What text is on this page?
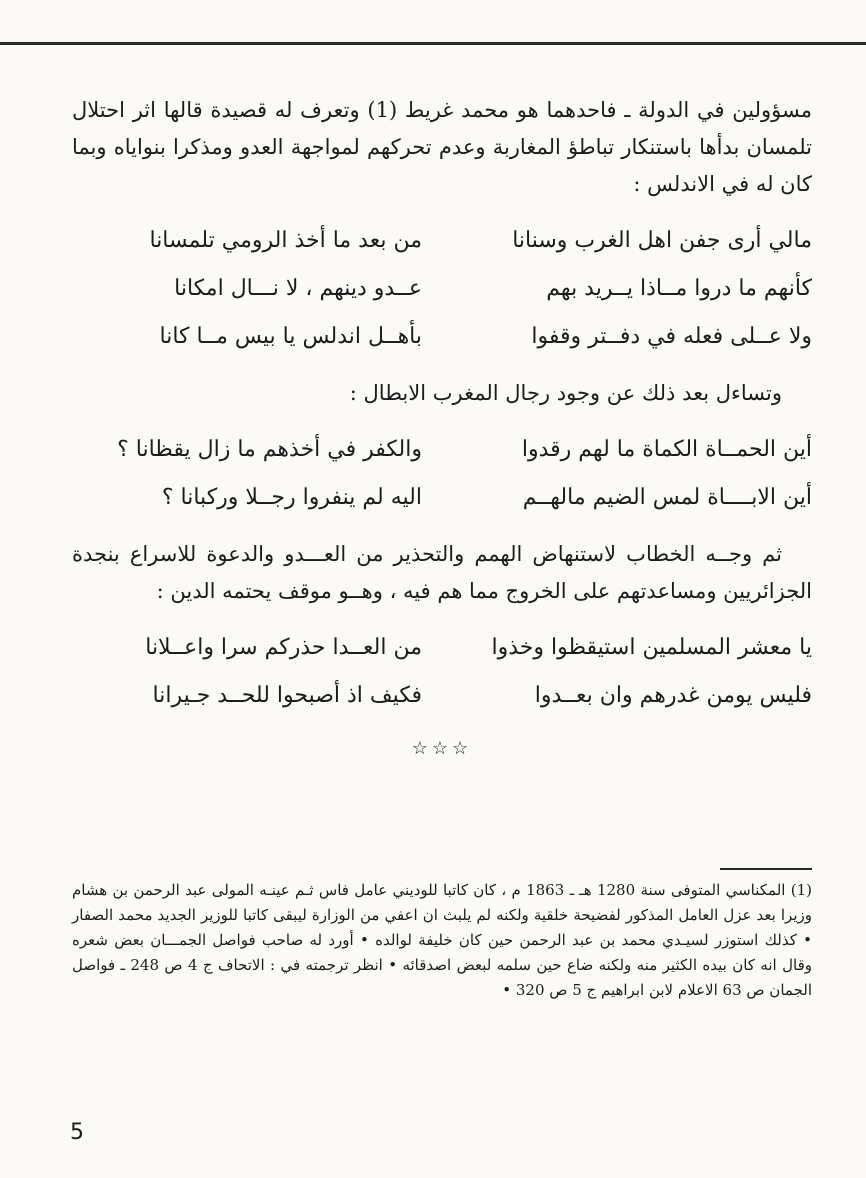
مسؤولين في الدولة ـ فاحدهما هو محمد غريط (1) وتعرف له قصيدة قالها اثر احتلال تلمسان بدأها باستنكار تباطؤ المغاربة وعدم تحركهم لمواجهة العدو ومذكرا بنواياه وبما كان له في الاندلس :

مالي أرى جفن اهل الغرب وسنانا
من بعد ما أخذ الرومي تلمسانا
كأنهم ما دروا مــاذا يــريد بهم
عــدو دينهم ، لا نـــال امكانا
ولا عــلى فعله في دفــتر وقفوا
بأهــل اندلس يا بيس مــا كانا

وتساءل بعد ذلك عن وجود رجال المغرب الابطال :

أين الحمــاة الكماة ما لهم رقدوا
والكفر في أخذهم ما زال يقظانا ؟
أين الابــــاة لمس الضيم مالهــم
اليه لم ينفروا رجــلا وركبانا ؟

ثم وجــه الخطاب لاستنهاض الهمم والتحذير من العـــدو والدعوة للاسراع بنجدة الجزائريين ومساعدتهم على الخروج مما هم فيه ، وهــو موقف يحتمه الدين :

يا معشر المسلمين استيقظوا وخذوا
من العــدا حذركم سرا واعــلانا
فليس يومن غدرهم وان بعــدوا
فكيف اذ أصبحوا للحــد جـيرانا
☆☆☆

(1) المكناسي المتوفى سنة 1280 هـ ـ 1863 م ، كان كاتبا للوديني عامل فاس ثـم عينـه المولى عبد الرحمن بن هشام وزيرا بعد عزل العامل المذكور لفضيحة خلقية ولكنه لم يلبث ان اعفي من الوزارة ليبقى كاتبا للوزير الجديد محمد الصفار • كذلك استوزر لسيـدي محمد بن عبد الرحمن حين كان خليفة لوالده • أورد له صاحب فواصل الجمـــان بعض شعره وقال انه كان بيده الكثير منه ولكنه ضاع حين سلمه لبعض اصدقائه • انظر ترجمته في : الاتحاف ج 4 ص 248 ـ فواصل الجمان ص 63 الاعلام لابن ابراهيم ج 5 ص 320 •

5
